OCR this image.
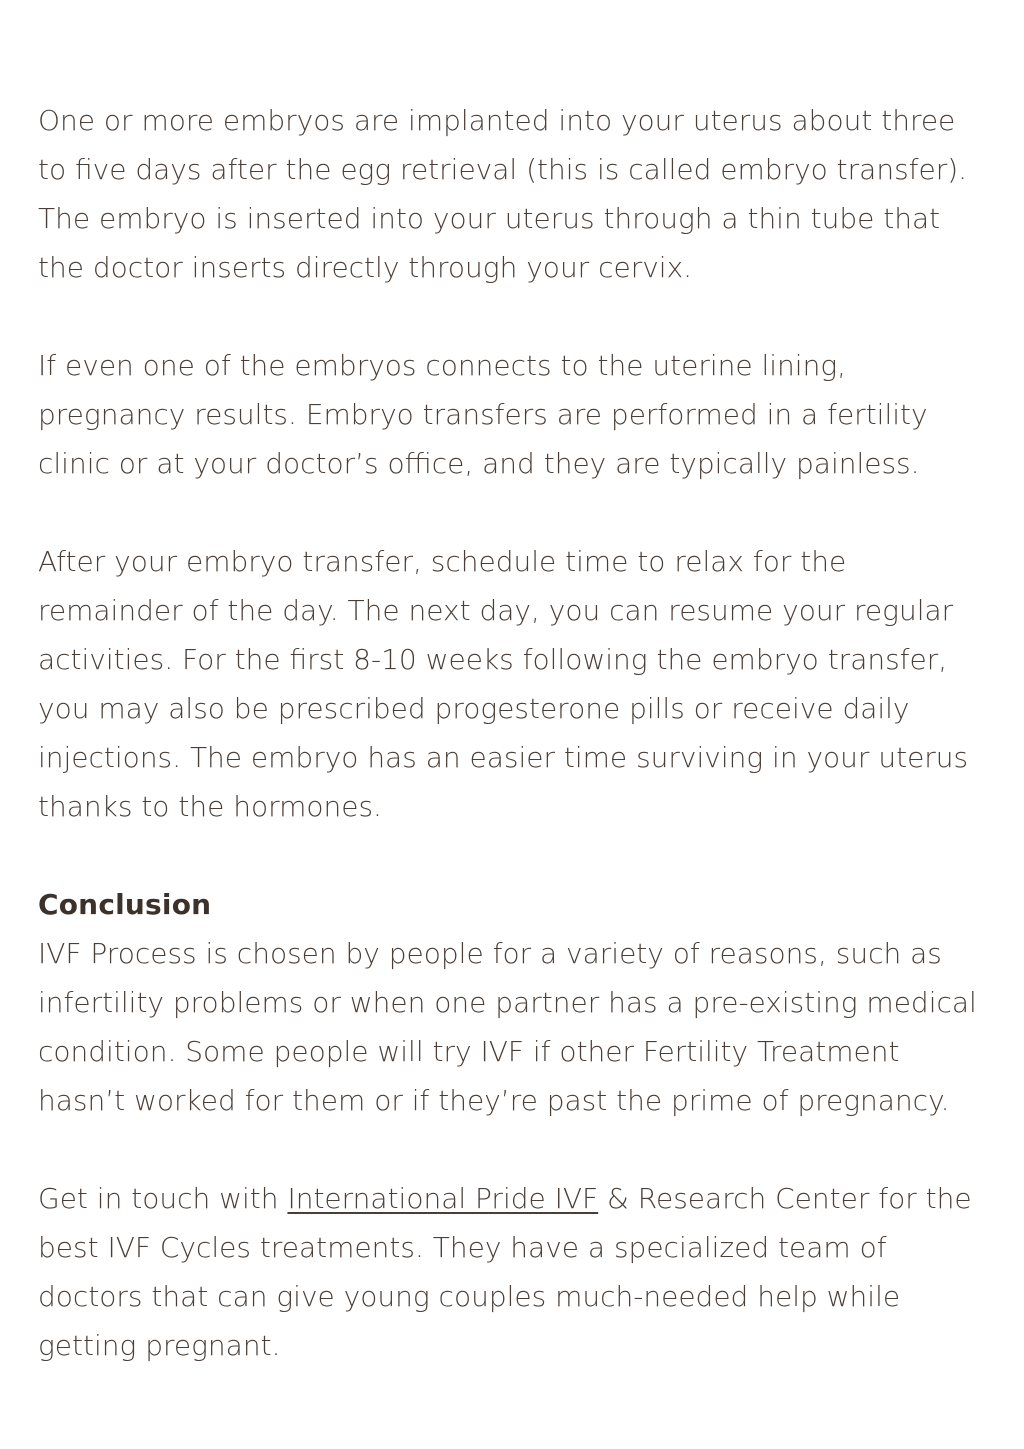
One or more embryos are implanted into your uterus about three to five days after the egg retrieval (this is called embryo transfer). The embryo is inserted into your uterus through a thin tube that the doctor inserts directly through your cervix.

If even one of the embryos connects to the uterine lining, pregnancy results. Embryo transfers are performed in a fertility clinic or at your doctor’s office, and they are typically painless.

After your embryo transfer, schedule time to relax for the remainder of the day. The next day, you can resume your regular activities. For the first 8-10 weeks following the embryo transfer, you may also be prescribed progesterone pills or receive daily injections. The embryo has an easier time surviving in your uterus thanks to the hormones.

Conclusion

IVF Process is chosen by people for a variety of reasons, such as infertility problems or when one partner has a pre-existing medical condition. Some people will try IVF if other Fertility Treatment hasn’t worked for them or if they’re past the prime of pregnancy.

Get in touch with International Pride IVF & Research Center for the best IVF Cycles treatments. They have a specialized team of doctors that can give young couples much-needed help while getting pregnant.
